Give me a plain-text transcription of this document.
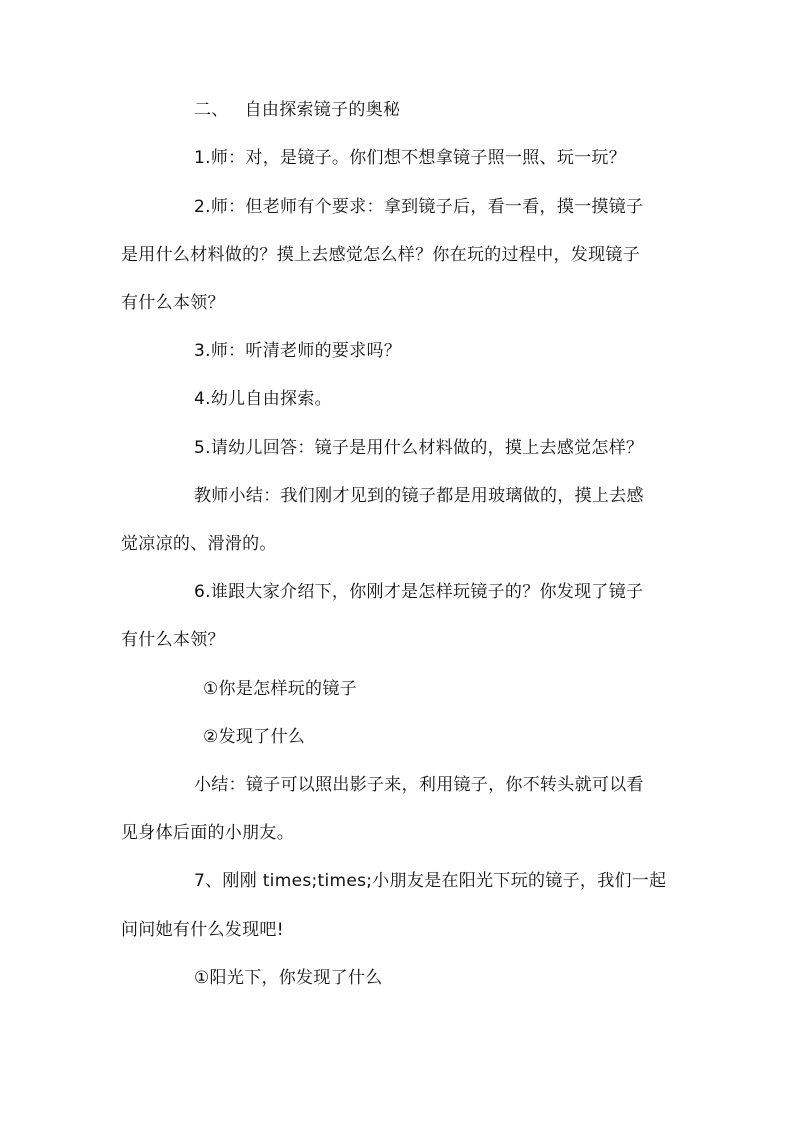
二、 自由探索镜子的奥秘
1.师：对，是镜子。你们想不想拿镜子照一照、玩一玩？
2.师：但老师有个要求：拿到镜子后，看一看，摸一摸镜子
是用什么材料做的？摸上去感觉怎么样？你在玩的过程中，发现镜子
有什么本领？
3.师：听清老师的要求吗？
4.幼儿自由探索。
5.请幼儿回答：镜子是用什么材料做的，摸上去感觉怎样？
教师小结：我们刚才见到的镜子都是用玻璃做的，摸上去感
觉凉凉的、滑滑的。
6.谁跟大家介绍下，你刚才是怎样玩镜子的？你发现了镜子
有什么本领？
①你是怎样玩的镜子
②发现了什么
小结：镜子可以照出影子来，利用镜子，你不转头就可以看
见身体后面的小朋友。
7、刚刚 times;times;小朋友是在阳光下玩的镜子，我们一起
问问她有什么发现吧!
①阳光下，你发现了什么
